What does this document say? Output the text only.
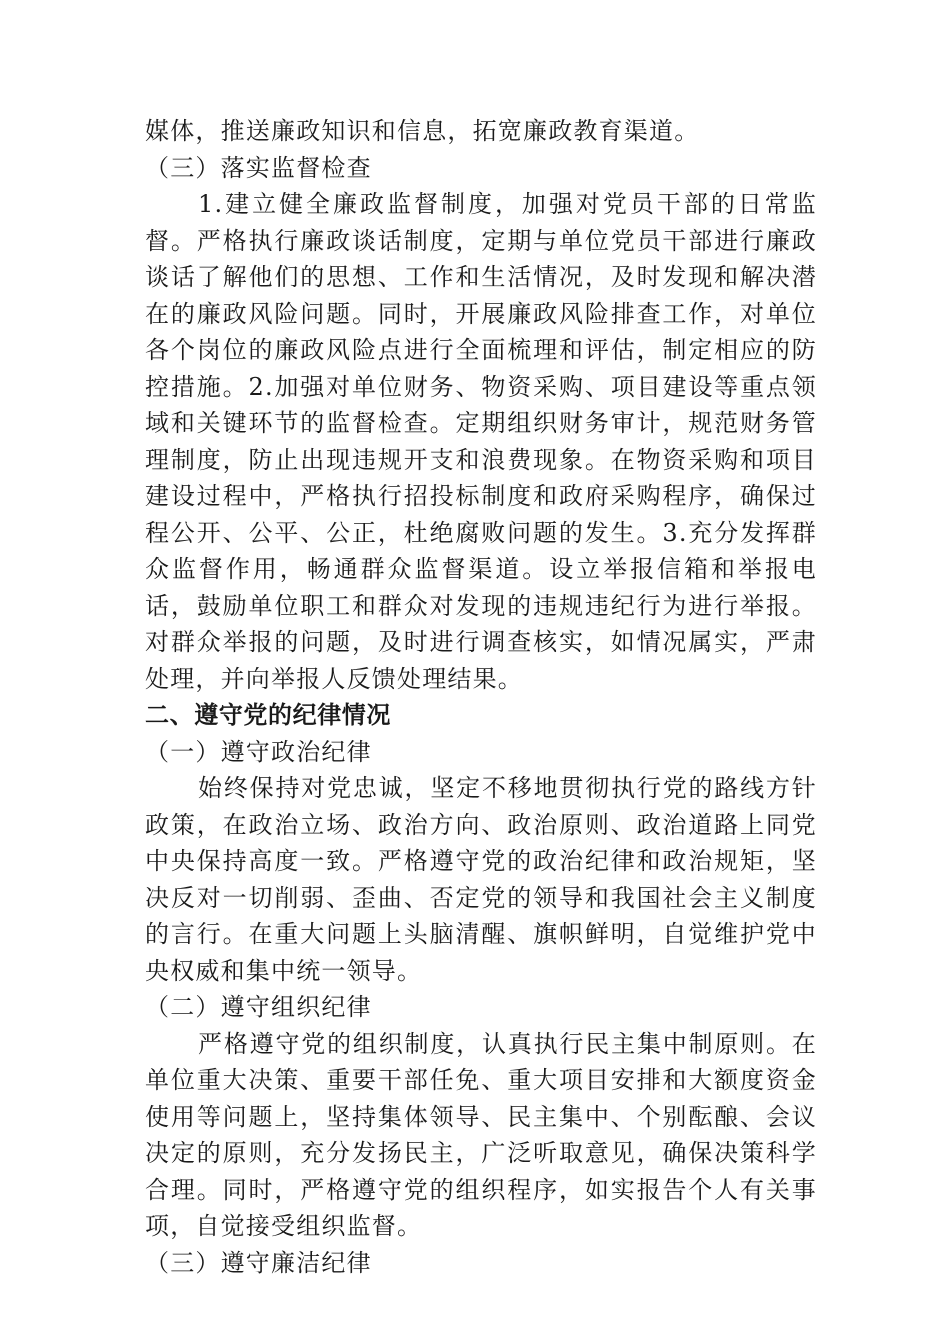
媒体，推送廉政知识和信息，拓宽廉政教育渠道。

（三）落实监督检查

1.建立健全廉政监督制度，加强对党员干部的日常监督。严格执行廉政谈话制度，定期与单位党员干部进行廉政谈话了解他们的思想、工作和生活情况，及时发现和解决潜在的廉政风险问题。同时，开展廉政风险排查工作，对单位各个岗位的廉政风险点进行全面梳理和评估，制定相应的防控措施。2.加强对单位财务、物资采购、项目建设等重点领域和关键环节的监督检查。定期组织财务审计，规范财务管理制度，防止出现违规开支和浪费现象。在物资采购和项目建设过程中，严格执行招投标制度和政府采购程序，确保过程公开、公平、公正，杜绝腐败问题的发生。3.充分发挥群众监督作用，畅通群众监督渠道。设立举报信箱和举报电话，鼓励单位职工和群众对发现的违规违纪行为进行举报。对群众举报的问题，及时进行调查核实，如情况属实，严肃处理，并向举报人反馈处理结果。

二、遵守党的纪律情况

（一）遵守政治纪律

始终保持对党忠诚，坚定不移地贯彻执行党的路线方针政策，在政治立场、政治方向、政治原则、政治道路上同党中央保持高度一致。严格遵守党的政治纪律和政治规矩，坚决反对一切削弱、歪曲、否定党的领导和我国社会主义制度的言行。在重大问题上头脑清醒、旗帜鲜明，自觉维护党中央权威和集中统一领导。

（二）遵守组织纪律

严格遵守党的组织制度，认真执行民主集中制原则。在单位重大决策、重要干部任免、重大项目安排和大额度资金使用等问题上，坚持集体领导、民主集中、个别酝酿、会议决定的原则，充分发扬民主，广泛听取意见，确保决策科学合理。同时，严格遵守党的组织程序，如实报告个人有关事项，自觉接受组织监督。

（三）遵守廉洁纪律
